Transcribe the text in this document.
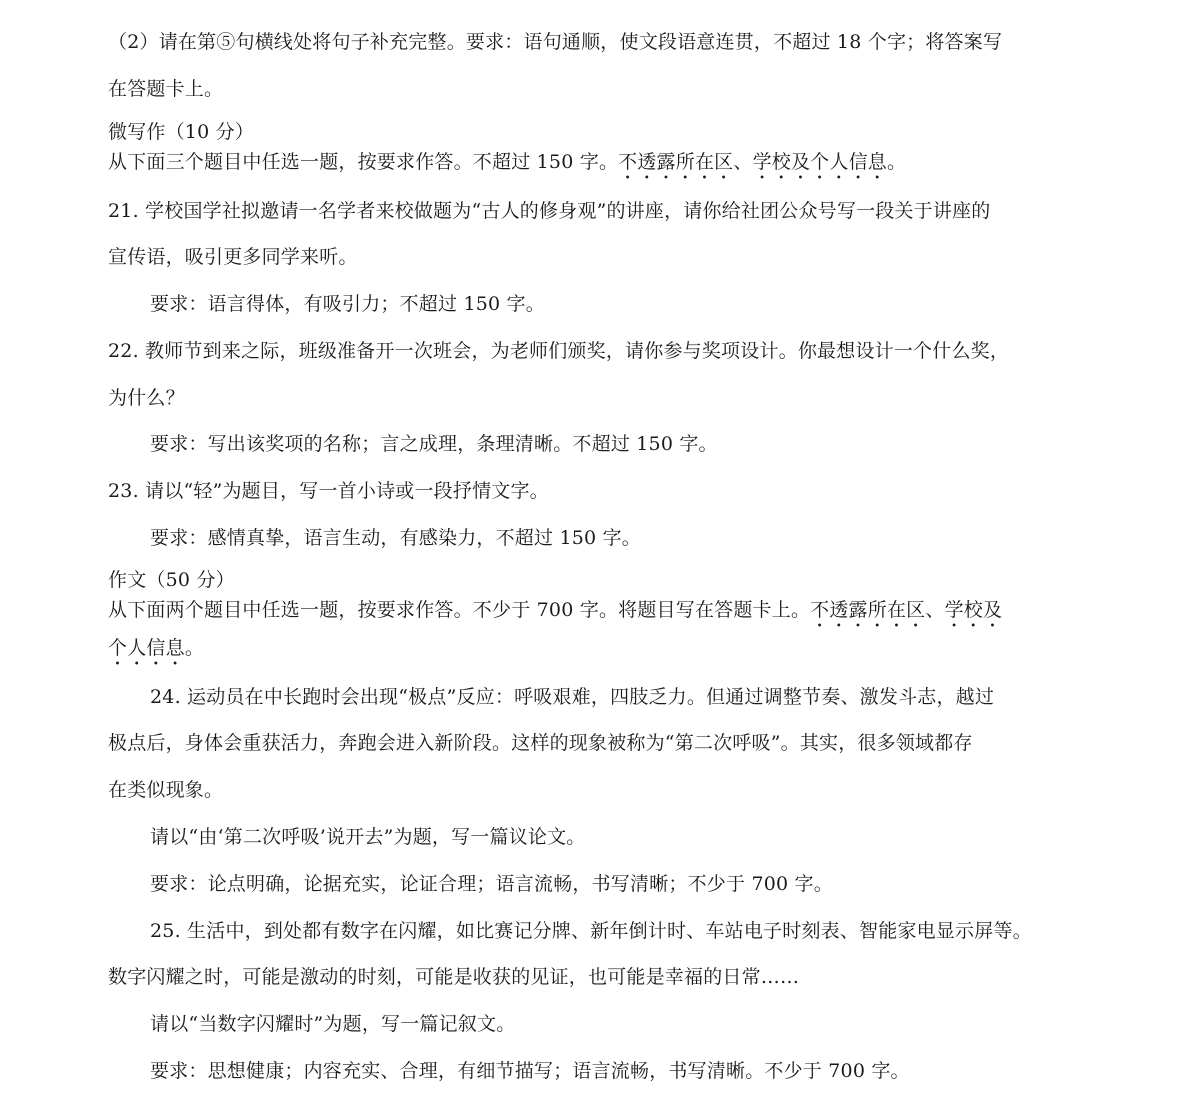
（2）请在第⑤句横线处将句子补充完整。要求：语句通顺，使文段语意连贯，不超过 18 个字；将答案写
在答题卡上。
微写作（10 分）
从下面三个题目中任选一题，按要求作答。不超过 150 字。不透露所在区、学校及个人信息。
21. 学校国学社拟邀请一名学者来校做题为“古人的修身观”的讲座，请你给社团公众号写一段关于讲座的
宣传语，吸引更多同学来听。
要求：语言得体，有吸引力；不超过 150 字。
22. 教师节到来之际，班级准备开一次班会，为老师们颁奖，请你参与奖项设计。你最想设计一个什么奖，
为什么？
要求：写出该奖项的名称；言之成理，条理清晰。不超过 150 字。
23. 请以“轻”为题目，写一首小诗或一段抒情文字。
要求：感情真挚，语言生动，有感染力，不超过 150 字。
作文（50 分）
从下面两个题目中任选一题，按要求作答。不少于 700 字。将题目写在答题卡上。不透露所在区、学校及
个人信息。
24. 运动员在中长跑时会出现“极点”反应：呼吸艰难，四肢乏力。但通过调整节奏、激发斗志，越过
极点后，身体会重获活力，奔跑会进入新阶段。这样的现象被称为“第二次呼吸”。其实，很多领域都存
在类似现象。
请以“由‘第二次呼吸’说开去”为题，写一篇议论文。
要求：论点明确，论据充实，论证合理；语言流畅，书写清晰；不少于 700 字。
25. 生活中，到处都有数字在闪耀，如比赛记分牌、新年倒计时、车站电子时刻表、智能家电显示屏等。
数字闪耀之时，可能是激动的时刻，可能是收获的见证，也可能是幸福的日常……
请以“当数字闪耀时”为题，写一篇记叙文。
要求：思想健康；内容充实、合理，有细节描写；语言流畅，书写清晰。不少于 700 字。
